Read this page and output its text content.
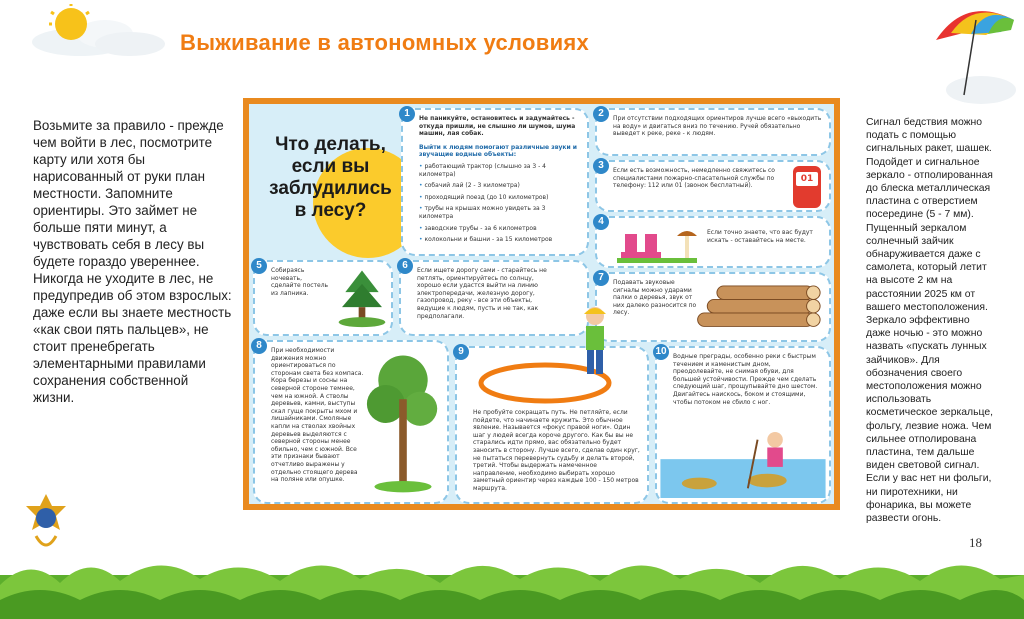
Выживание в автономных условиях

Возьмите за правило - прежде чем войти в лес, посмотрите карту или хотя бы нарисованный от руки план местности. Запомните ориентиры. Это займет не больше пяти минут, а чувствовать себя в лесу вы будете гораздо увереннее. Никогда не уходите в лес, не предупредив об этом взрослых: даже если вы знаете местность «как свои пять пальцев», не стоит пренебрегать элементарными правилами сохранения собственной жизни.

Что делать,
если вы
заблудились
в лесу?
1	Не паникуйте, остановитесь и задумайтесь - откуда пришли, не слышно ли шумов, шума машин, лая собак.
Выйти к людям помогают различные звуки и звучащие водные объекты:
• работающий трактор (слышно за 3 - 4 километра)
• собачий лай (2 - 3 километра)
• проходящий поезд (до 10 километров)
• трубы на крышах можно увидеть за 3 километра
• заводские трубы - за 6 километров
• колокольни и башни - за 15 километров
2	При отсутствии подходящих ориентиров лучше всего «выходить на воду» и двигаться вниз по течению. Ручей обязательно выведет к реке, реке - к людям.
3	Если есть возможность, немедленно свяжитесь со специалистами пожарно-спасательной службы по телефону: 112 или 01 (звонок бесплатный).
01
4
Если точно знаете, что вас будут искать - оставайтесь на месте.
5	Собираясь ночевать, сделайте постель из лапника.
6	Если ищете дорогу сами - старайтесь не петлять, ориентируйтесь по солнцу, хорошо если удастся выйти на линию электропередачи, железную дорогу, газопровод, реку - все эти объекты, ведущие к людям, пусть и не так, как предполагали.
7	Подавать звуковые сигналы можно ударами палки о деревья, звук от них далеко разносится по лесу.
8	При необходимости движения можно ориентироваться по сторонам света без компаса. Кора березы и сосны на северной стороне темнее, чем на южной. А стволы деревьев, камни, выступы скал гуще покрыты мхом и лишайниками. Смоляные капли на стволах хвойных деревьев выделяются с северной стороны менее обильно, чем с южной. Все эти признаки бывают отчетливо выражены у отдельно стоящего дерева на поляне или опушке.
9
Не пробуйте сокращать путь. Не петляйте, если пойдете, что начинаете кружить. Это обычное явление. Называется «фокус правой ноги». Один шаг у людей всегда короче другого. Как бы вы не старались идти прямо, вас обязательно будет заносить в сторону. Лучше всего, сделав один круг, не пытаться перевернуть судьбу и делать второй, третий. Чтобы выдержать намеченное направление, необходимо выбирать хорошо заметный ориентир через каждые 100 - 150 метров маршрута.
10	Водные преграды, особенно реки с быстрым течением и каменистым дном, преодолевайте, не снимая обуви, для большей устойчивости. Прежде чем сделать следующий шаг, прощупывайте дно шестом. Двигайтесь наискось, боком и стоящими, чтобы потоком не сбило с ног.

Сигнал бедствия можно подать с помощью сигнальных ракет, шашек. Подойдет и сигнальное зеркало - отполированная до блеска металлическая пластина с отверстием посередине (5 - 7 мм). Пущенный зеркалом солнечный зайчик обнаруживается даже с самолета, который летит на высоте 2 км на расстоянии 2025 км от вашего местоположения. Зеркало эффективно даже ночью - это можно назвать «пускать лунных зайчиков». Для обозначения своего местоположения можно использовать косметическое зеркальце, фольгу, лезвие ножа. Чем сильнее отполирована пластина, тем дальше виден световой сигнал. Если у вас нет ни фольги, ни пиротехники, ни фонарика, вы можете развести огонь.

18
